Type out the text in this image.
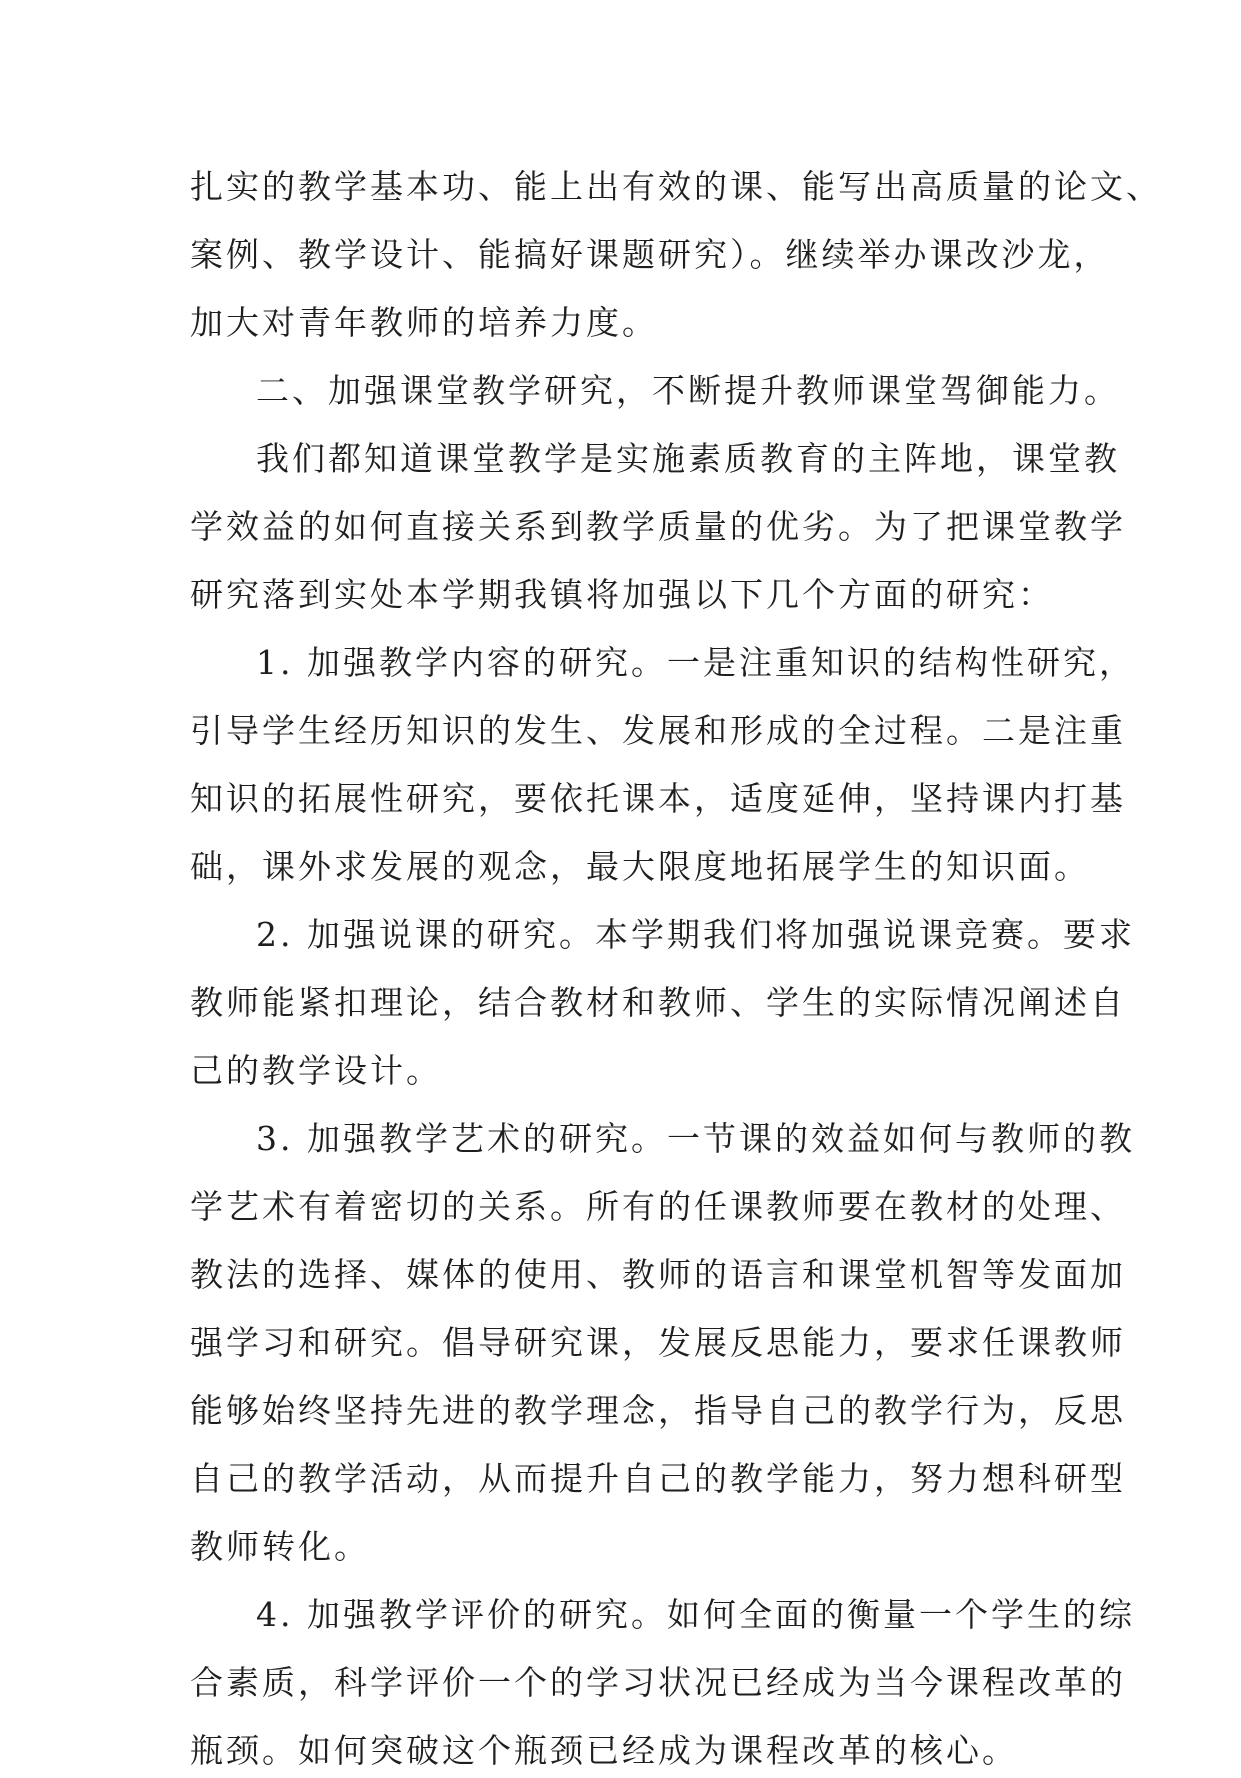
扎实的教学基本功、能上出有效的课、能写出高质量的论文、
案例、教学设计、能搞好课题研究）。继续举办课改沙龙，
加大对青年教师的培养力度。
二、加强课堂教学研究，不断提升教师课堂驾御能力。
我们都知道课堂教学是实施素质教育的主阵地，课堂教
学效益的如何直接关系到教学质量的优劣。为了把课堂教学
研究落到实处本学期我镇将加强以下几个方面的研究：
1. 加强教学内容的研究。一是注重知识的结构性研究，
引导学生经历知识的发生、发展和形成的全过程。二是注重
知识的拓展性研究，要依托课本，适度延伸，坚持课内打基
础，课外求发展的观念，最大限度地拓展学生的知识面。
2. 加强说课的研究。本学期我们将加强说课竞赛。要求
教师能紧扣理论，结合教材和教师、学生的实际情况阐述自
己的教学设计。
3. 加强教学艺术的研究。一节课的效益如何与教师的教
学艺术有着密切的关系。所有的任课教师要在教材的处理、
教法的选择、媒体的使用、教师的语言和课堂机智等发面加
强学习和研究。倡导研究课，发展反思能力，要求任课教师
能够始终坚持先进的教学理念，指导自己的教学行为，反思
自己的教学活动，从而提升自己的教学能力，努力想科研型
教师转化。
4. 加强教学评价的研究。如何全面的衡量一个学生的综
合素质，科学评价一个的学习状况已经成为当今课程改革的
瓶颈。如何突破这个瓶颈已经成为课程改革的核心。
